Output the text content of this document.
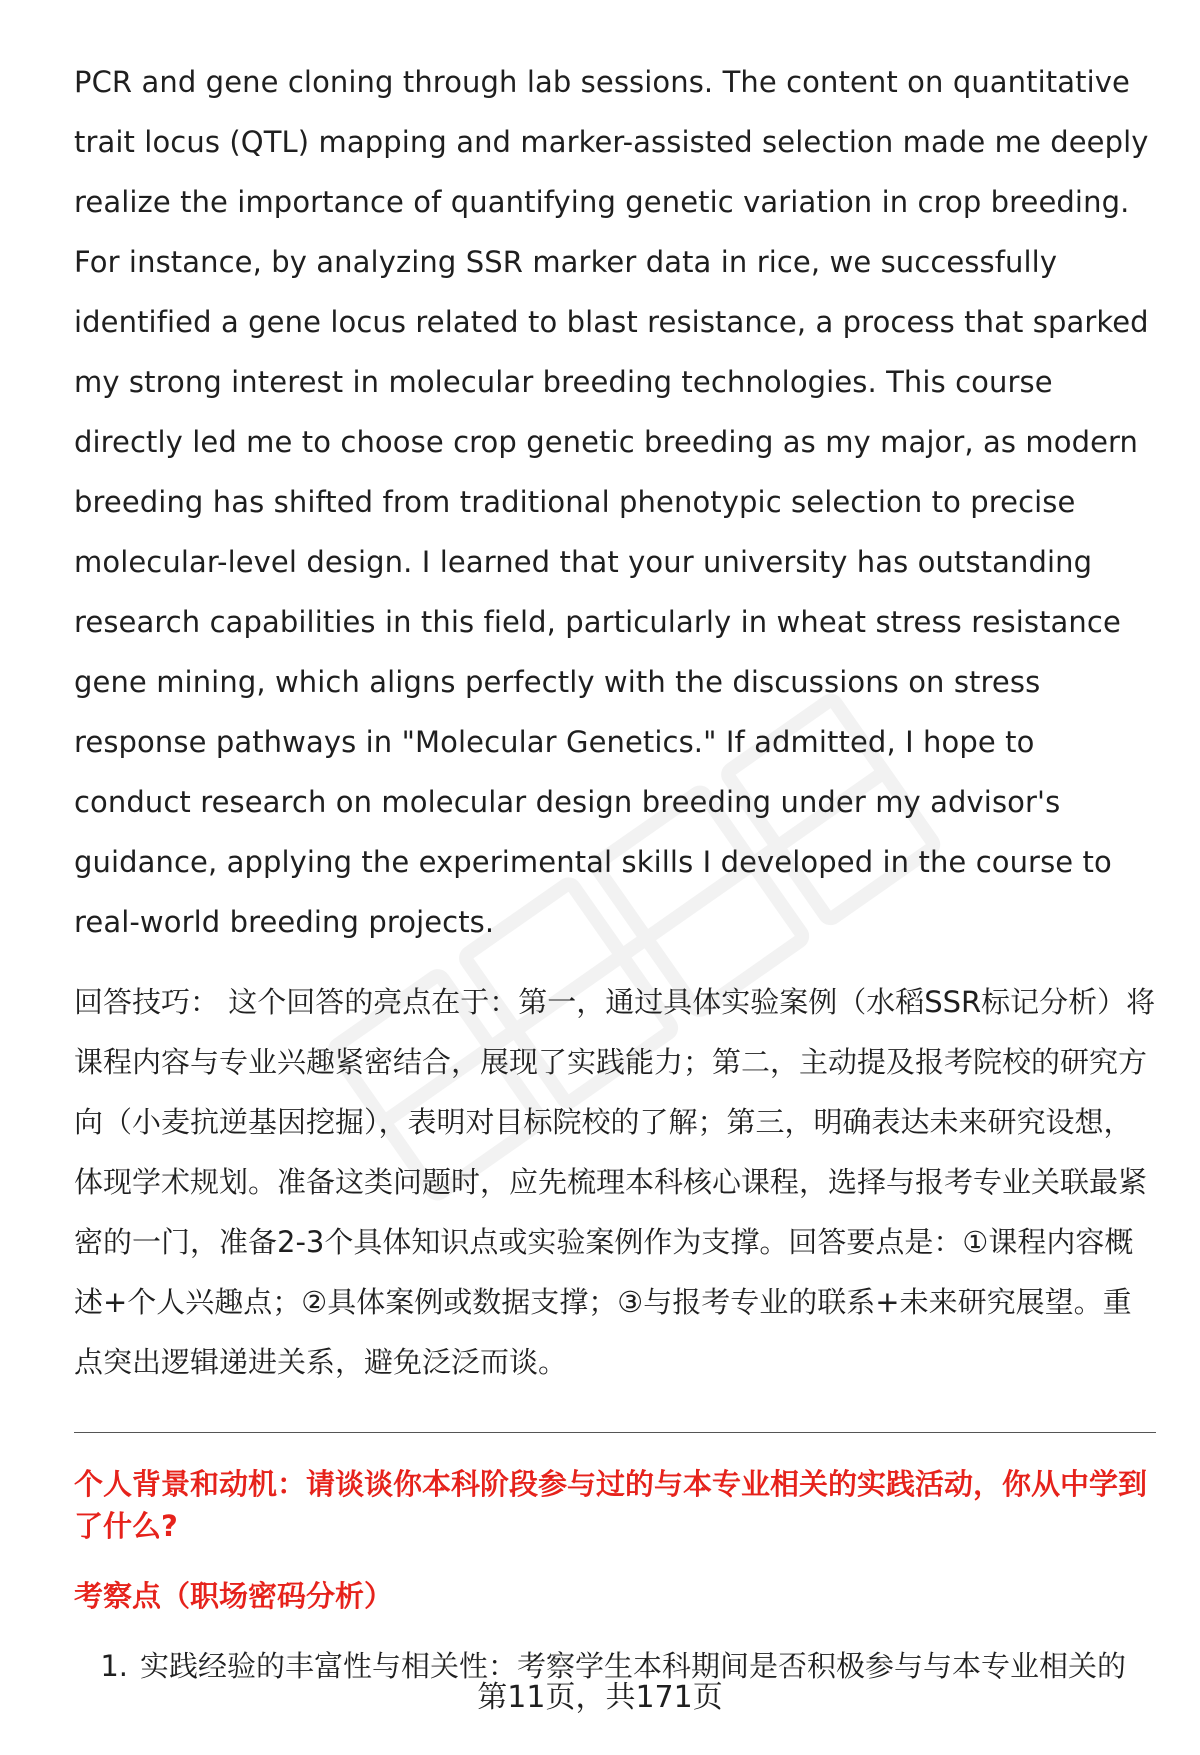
PCR and gene cloning through lab sessions. The content on quantitative trait locus (QTL) mapping and marker-assisted selection made me deeply realize the importance of quantifying genetic variation in crop breeding. For instance, by analyzing SSR marker data in rice, we successfully identified a gene locus related to blast resistance, a process that sparked my strong interest in molecular breeding technologies. This course directly led me to choose crop genetic breeding as my major, as modern breeding has shifted from traditional phenotypic selection to precise molecular-level design. I learned that your university has outstanding research capabilities in this field, particularly in wheat stress resistance gene mining, which aligns perfectly with the discussions on stress response pathways in "Molecular Genetics." If admitted, I hope to conduct research on molecular design breeding under my advisor's guidance, applying the experimental skills I developed in the course to real-world breeding projects.

回答技巧： 这个回答的亮点在于：第一，通过具体实验案例（水稻SSR标记分析）将课程内容与专业兴趣紧密结合，展现了实践能力；第二，主动提及报考院校的研究方向（小麦抗逆基因挖掘），表明对目标院校的了解；第三，明确表达未来研究设想，体现学术规划。准备这类问题时，应先梳理本科核心课程，选择与报考专业关联最紧密的一门，准备2-3个具体知识点或实验案例作为支撑。回答要点是：①课程内容概述+个人兴趣点；②具体案例或数据支撑；③与报考专业的联系+未来研究展望。重点突出逻辑递进关系，避免泛泛而谈。

个人背景和动机：请谈谈你本科阶段参与过的与本专业相关的实践活动，你从中学到了什么?

考察点（职场密码分析）

1. 实践经验的丰富性与相关性：考察学生本科期间是否积极参与与本专业相关的
第11页，共171页
